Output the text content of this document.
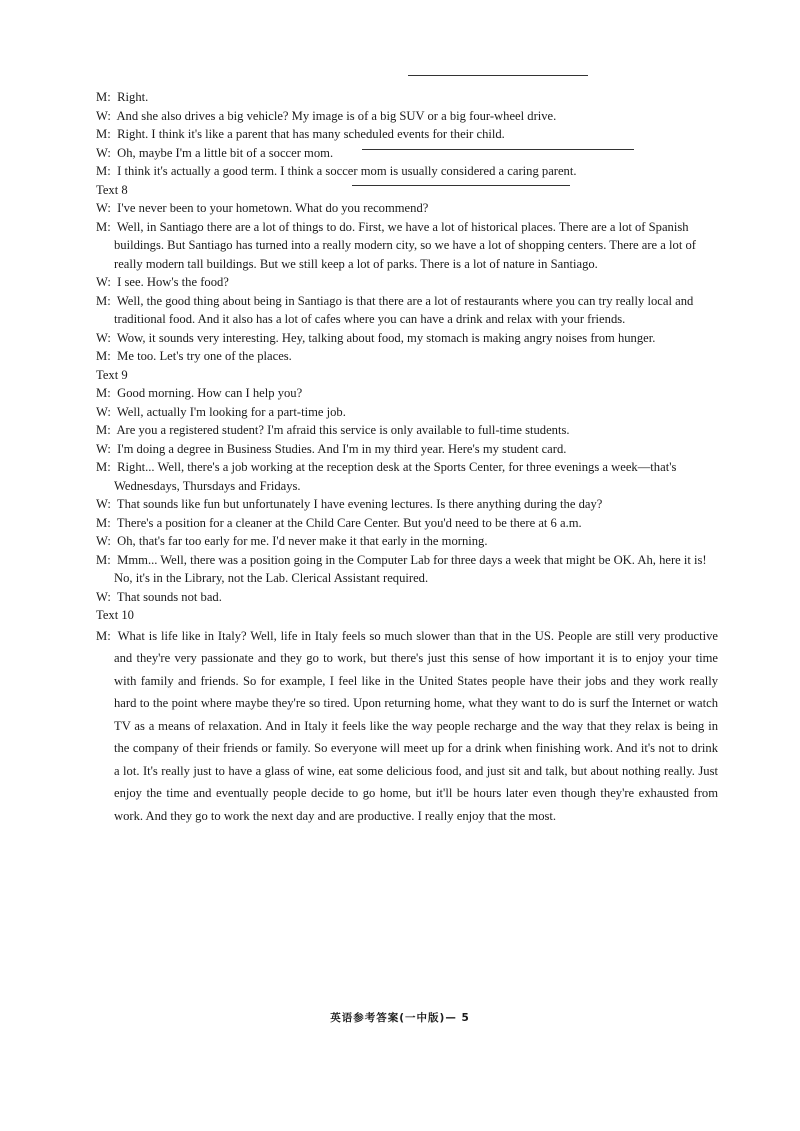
M: Right.

W: And she also drives a big vehicle? My image is of a big SUV or a big four-wheel drive.

M: Right. I think it's like a parent that has many scheduled events for their child.

W: Oh, maybe I'm a little bit of a soccer mom.

M: I think it's actually a good term. I think a soccer mom is usually considered a caring parent.

Text 8

W: I've never been to your hometown. What do you recommend?

M: Well, in Santiago there are a lot of things to do. First, we have a lot of historical places. There are a lot of Spanish buildings. But Santiago has turned into a really modern city, so we have a lot of shopping centers. There are a lot of really modern tall buildings. But we still keep a lot of parks. There is a lot of nature in Santiago.

W: I see. How's the food?

M: Well, the good thing about being in Santiago is that there are a lot of restaurants where you can try really local and traditional food. And it also has a lot of cafes where you can have a drink and relax with your friends.

W: Wow, it sounds very interesting. Hey, talking about food, my stomach is making angry noises from hunger.

M: Me too. Let's try one of the places.

Text 9

M: Good morning. How can I help you?

W: Well, actually I'm looking for a part-time job.

M: Are you a registered student? I'm afraid this service is only available to full-time students.

W: I'm doing a degree in Business Studies. And I'm in my third year. Here's my student card.

M: Right... Well, there's a job working at the reception desk at the Sports Center, for three evenings a week—that's Wednesdays, Thursdays and Fridays.

W: That sounds like fun but unfortunately I have evening lectures. Is there anything during the day?

M: There's a position for a cleaner at the Child Care Center. But you'd need to be there at 6 a.m.

W: Oh, that's far too early for me. I'd never make it that early in the morning.

M: Mmm... Well, there was a position going in the Computer Lab for three days a week that might be OK. Ah, here it is! No, it's in the Library, not the Lab. Clerical Assistant required.

W: That sounds not bad.

Text 10

M: What is life like in Italy? Well, life in Italy feels so much slower than that in the US. People are still very productive and they're very passionate and they go to work, but there's just this sense of how important it is to enjoy your time with family and friends. So for example, I feel like in the United States people have their jobs and they work really hard to the point where maybe they're so tired. Upon returning home, what they want to do is surf the Internet or watch TV as a means of relaxation. And in Italy it feels like the way people recharge and the way that they relax is being in the company of their friends or family. So everyone will meet up for a drink when finishing work. And it's not to drink a lot. It's really just to have a glass of wine, eat some delicious food, and just sit and talk, but about nothing really. Just enjoy the time and eventually people decide to go home, but it'll be hours later even though they're exhausted from work. And they go to work the next day and are productive. I really enjoy that the most.

英语参考答案(一中版)— 5
